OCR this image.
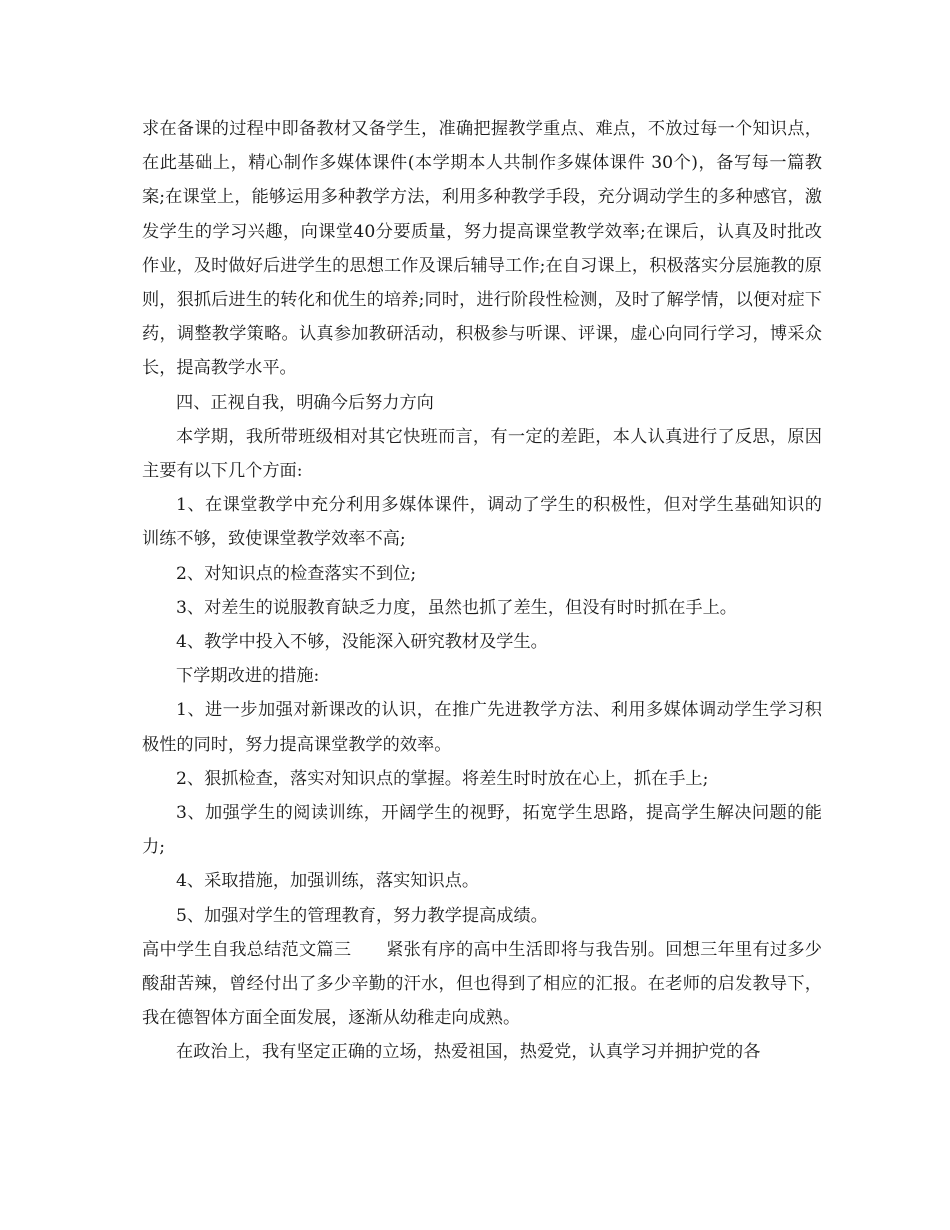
求在备课的过程中即备教材又备学生，准确把握教学重点、难点，不放过每一个知识点，在此基础上，精心制作多媒体课件(本学期本人共制作多媒体课件 30个)，备写每一篇教案;在课堂上，能够运用多种教学方法，利用多种教学手段，充分调动学生的多种感官，激发学生的学习兴趣，向课堂40分要质量，努力提高课堂教学效率;在课后，认真及时批改作业，及时做好后进学生的思想工作及课后辅导工作;在自习课上，积极落实分层施教的原则，狠抓后进生的转化和优生的培养;同时，进行阶段性检测，及时了解学情，以便对症下药，调整教学策略。认真参加教研活动，积极参与听课、评课，虚心向同行学习，博采众长，提高教学水平。

四、正视自我，明确今后努力方向

本学期，我所带班级相对其它快班而言，有一定的差距，本人认真进行了反思，原因主要有以下几个方面:

1、在课堂教学中充分利用多媒体课件，调动了学生的积极性，但对学生基础知识的训练不够，致使课堂教学效率不高;

2、对知识点的检查落实不到位;

3、对差生的说服教育缺乏力度，虽然也抓了差生，但没有时时抓在手上。

4、教学中投入不够，没能深入研究教材及学生。

下学期改进的措施:

1、进一步加强对新课改的认识，在推广先进教学方法、利用多媒体调动学生学习积极性的同时，努力提高课堂教学的效率。

2、狠抓检查，落实对知识点的掌握。将差生时时放在心上，抓在手上;

3、加强学生的阅读训练，开阔学生的视野，拓宽学生思路，提高学生解决问题的能力;

4、采取措施，加强训练，落实知识点。

5、加强对学生的管理教育，努力教学提高成绩。

高中学生自我总结范文篇三　　紧张有序的高中生活即将与我告别。回想三年里有过多少酸甜苦辣，曾经付出了多少辛勤的汗水，但也得到了相应的汇报。在老师的启发教导下，我在德智体方面全面发展，逐渐从幼稚走向成熟。

在政治上，我有坚定正确的立场，热爱祖国，热爱党，认真学习并拥护党的各
